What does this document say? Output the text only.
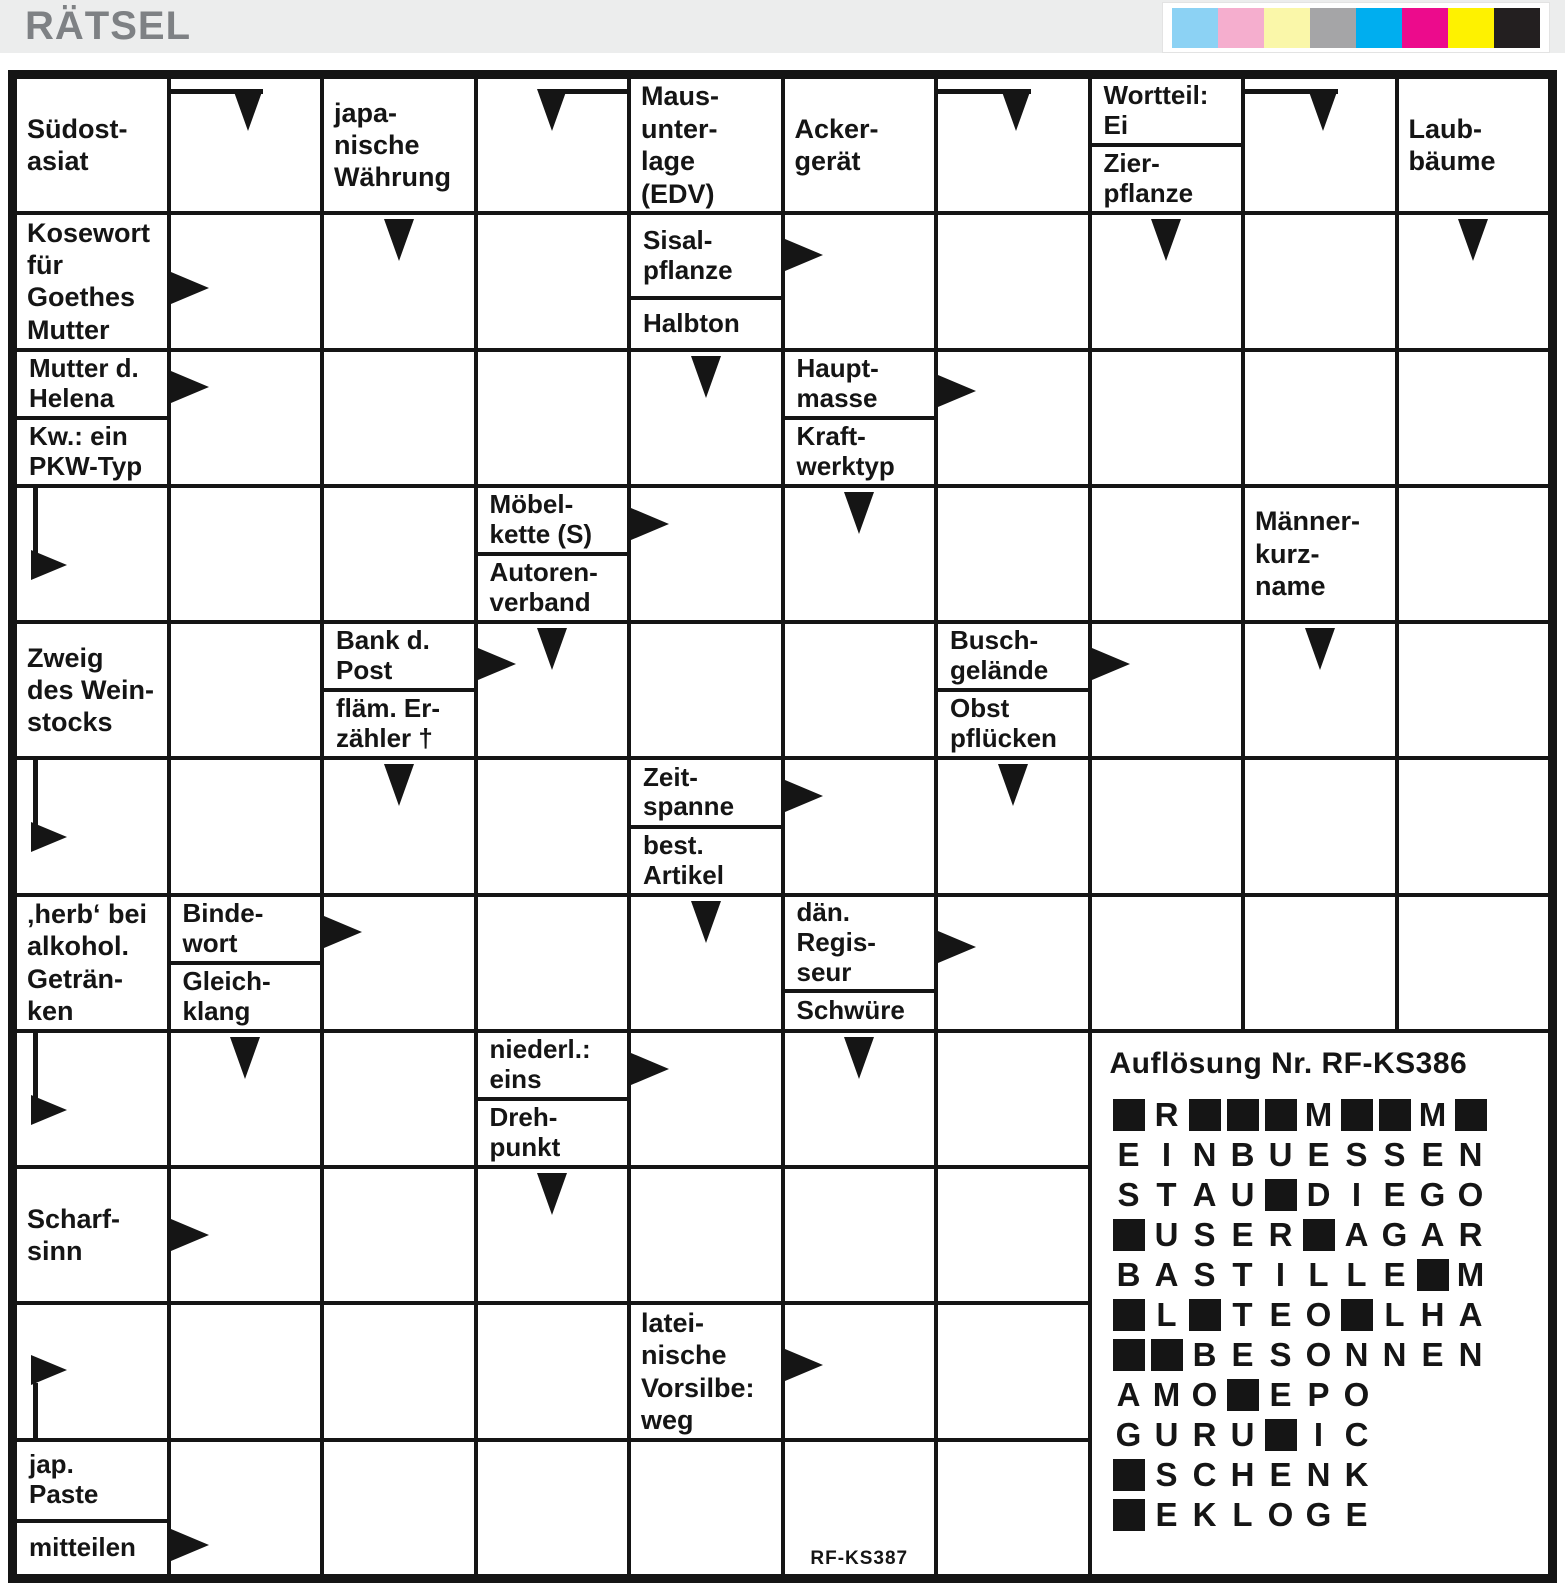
RÄTSEL
Südost-
asiat
japa-
nische
Währung
Maus-
unter-
lage
(EDV)
Acker-
gerät
Wortteil:
Ei
Zier-
pflanze
Laub-
bäume
Kosewort
für
Goethes
Mutter
Sisal-
pflanze
Halbton
Mutter d.
Helena
Kw.: ein
PKW-Typ
Haupt-
masse
Kraft-
werktyp
Möbel-
kette (S)
Autoren-
verband
Männer-
kurz-
name
Zweig
des Wein-
stocks
Bank d.
Post
fläm. Er-
zähler †
Busch-
gelände
Obst
pflücken
Zeit-
spanne
best.
Artikel
‚herb‘ bei
alkohol.
Geträn-
ken
Binde-
wort
Gleich-
klang
dän.
Regis-
seur
Schwüre
niederl.:
eins
Dreh-
punkt
Auflösung Nr. RF-KS386
R	M	M
E I N B U E S S E N
S T A U D I E G O
U S E R A G A R
B A S T I L L E M
L T E O L H A
B E S O N N E N
A M O E P O
G U R U	I C
S C H E N K
E K L O G E
Scharf-
sinn
latei-
nische
Vorsilbe:
weg
jap.
Paste
mitteilen	RF-KS387
